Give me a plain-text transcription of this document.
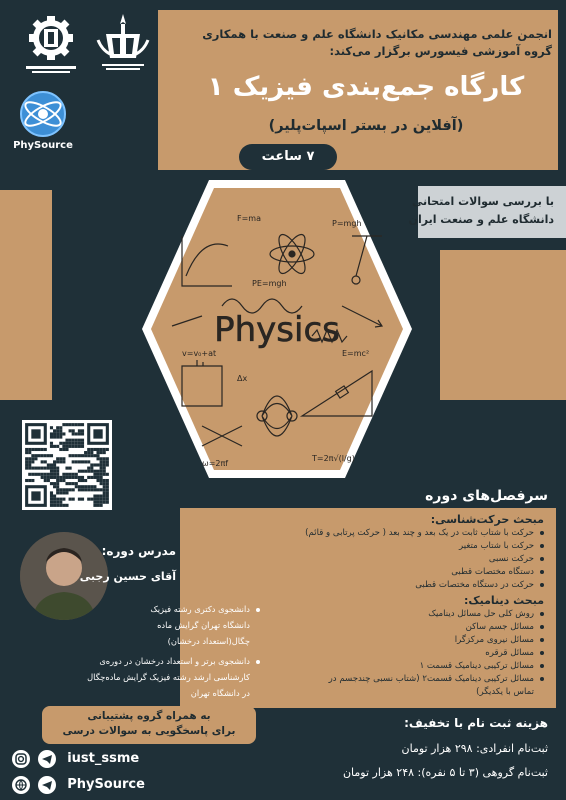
انجمن علمی مهندسی مکانیک دانشگاه علم و صنعت با همکاری
گروه آموزشی فیسورس برگزار می‌کند:
کارگاه جمع‌بندی فیزیک ۱
(آفلاین در بستر اسپات‌پلیر)
۷ ساعت
PhySource
با بررسی سوالات امتحانی
دانشگاه علم و صنعت ایران
F=ma
P=mgh
PE=mgh
E=mc²
v=v₀+at
Δx
ω=2πf
T=2π√(l/g)
Physics
سرفصل‌های دوره
مبحث حرکت‌شناسی:
حرکت با شتاب ثابت در یک بعد و چند بعد ( حرکت پرتابی و قائم)
حرکت با شتاب متغیر
حرکت نسبی
دستگاه مختصات قطبی
حرکت در دستگاه مختصات قطبی
مبحث دینامیک:
روش کلی حل مسائل دینامیک
مسائل جسم ساکن
مسائل نیروی مرکزگرا
مسائل قرقره
مسائل ترکیبی دینامیک قسمت ۱
مسائل ترکیبی دینامیک قسمت۲ (شتاب نسبی چندجسم در
تماس با یکدیگر)
مدرس دوره:
آقای حسین رجبی
دانشجوی دکتری رشته فیزیک
دانشگاه تهران گرایش ماده
چگال(استعداد درخشان)
دانشجوی برتر و استعداد درخشان در دوره‌ی
کارشناسی ارشد رشته فیزیک گرایش ماده‌چگال
در دانشگاه تهران
به همراه گروه پشتیبانی
برای پاسخگویی به سوالات درسی
هزینه ثبت نام با تخفیف:
ثبت‌نام انفرادی: ۲۹۸ هزار تومان
ثبت‌نام گروهی (۳ تا ۵ نفره): ۲۴۸ هزار تومان
iust_ssme
PhySource
